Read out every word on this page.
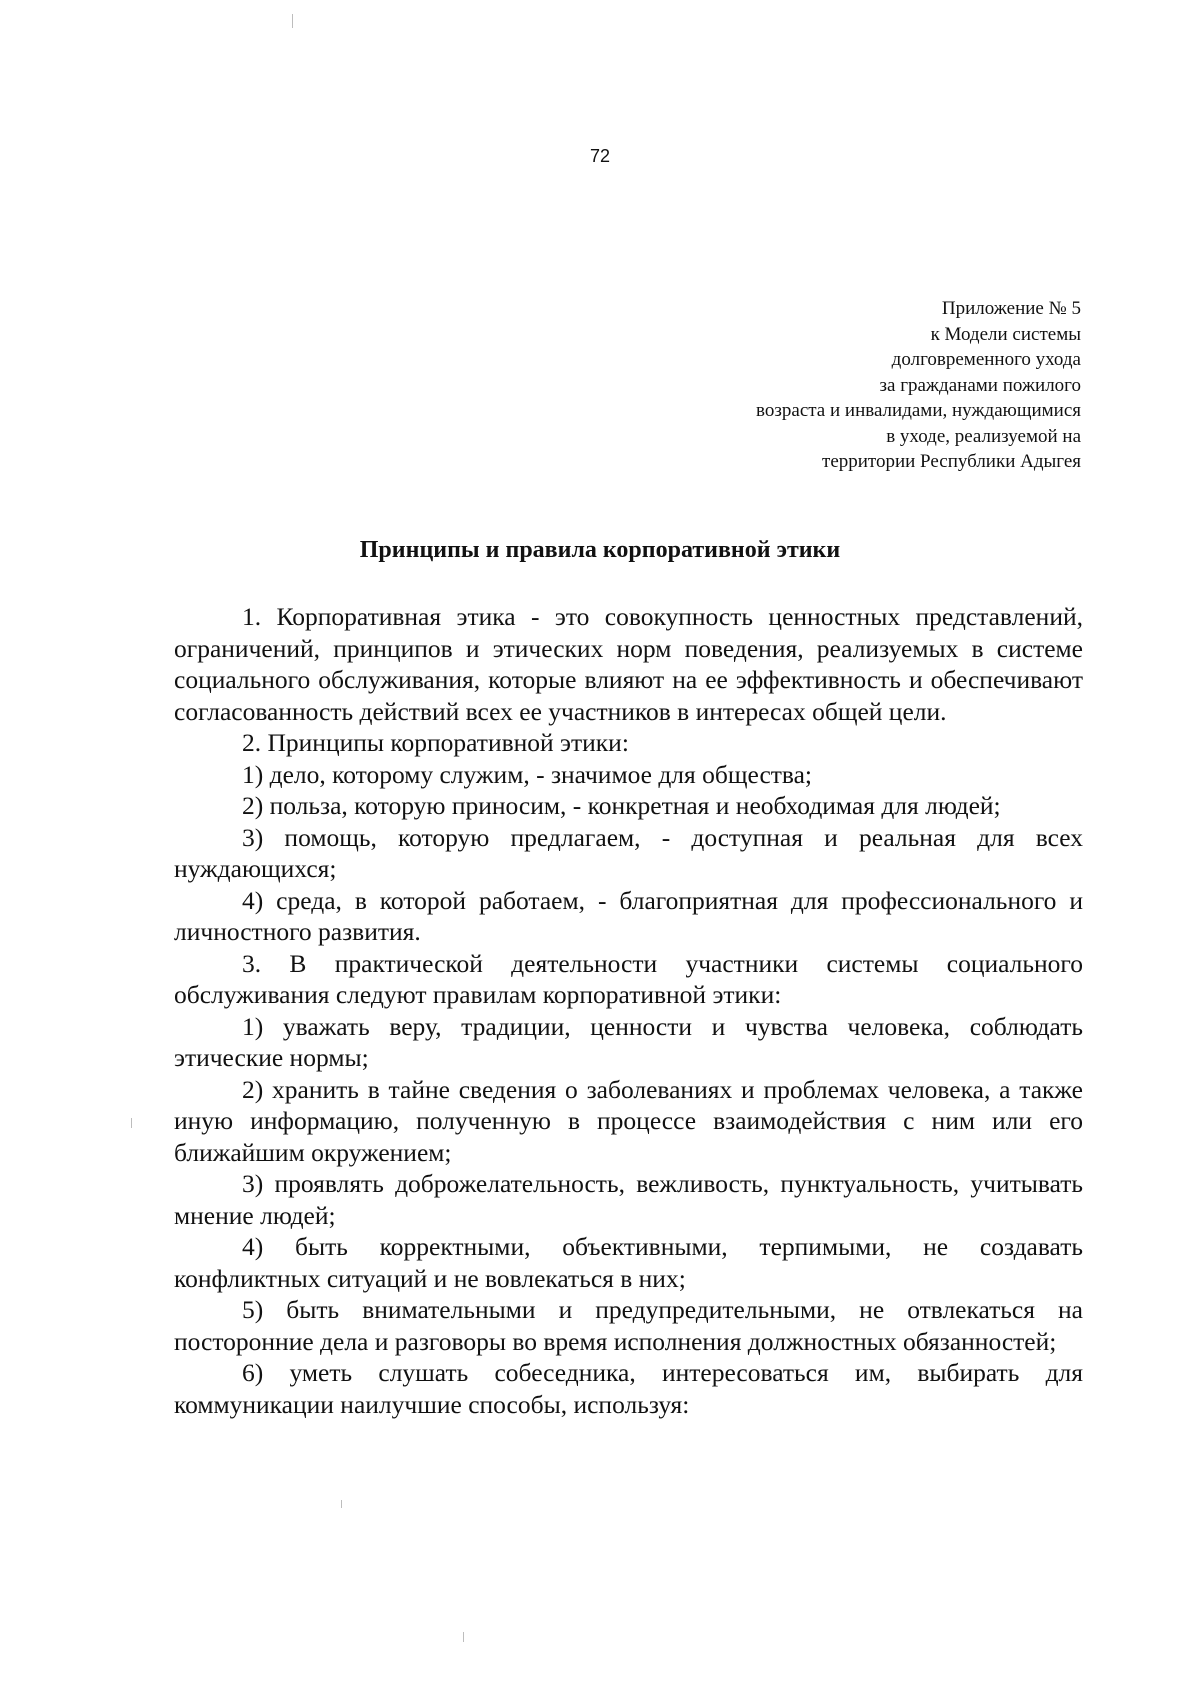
72
Приложение № 5
к Модели системы
долговременного ухода
за гражданами пожилого
возраста и инвалидами, нуждающимися
в уходе, реализуемой на
территории Республики Адыгея
Принципы и правила корпоративной этики

1. Корпоративная этика - это совокупность ценностных представлений, ограничений, принципов и этических норм поведения, реализуемых в системе социального обслуживания, которые влияют на ее эффективность и обеспечивают согласованность действий всех ее участников в интересах общей цели.

2. Принципы корпоративной этики:

1) дело, которому служим, - значимое для общества;

2) польза, которую приносим, - конкретная и необходимая для людей;

3) помощь, которую предлагаем, - доступная и реальная для всех нуждающихся;

4) среда, в которой работаем, - благоприятная для профессионального и личностного развития.

3. В практической деятельности участники системы социального обслуживания следуют правилам корпоративной этики:

1) уважать веру, традиции, ценности и чувства человека, соблюдать этические нормы;

2) хранить в тайне сведения о заболеваниях и проблемах человека, а также иную информацию, полученную в процессе взаимодействия с ним или его ближайшим окружением;

3) проявлять доброжелательность, вежливость, пунктуальность, учитывать мнение людей;

4) быть корректными, объективными, терпимыми, не создавать конфликтных ситуаций и не вовлекаться в них;

5) быть внимательными и предупредительными, не отвлекаться на посторонние дела и разговоры во время исполнения должностных обязанностей;

6) уметь слушать собеседника, интересоваться им, выбирать для коммуникации наилучшие способы, используя:
